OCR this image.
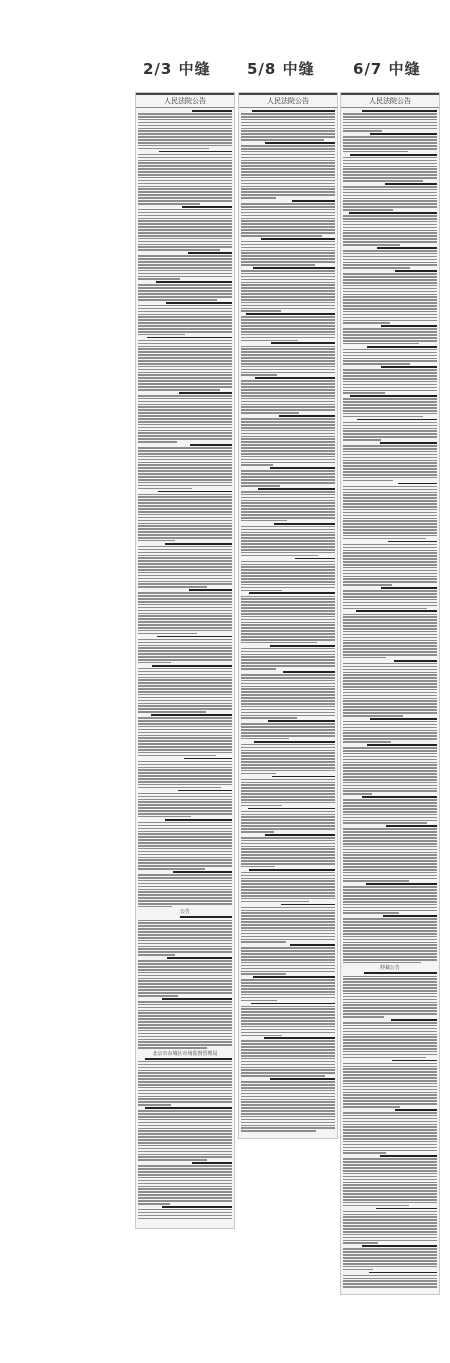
2/3 中缝 5/8 中缝	6/7 中缝
人民法院公告
公告
北京市东城区市场监督管理局
人民法院公告	人民法院公告
仲裁公告
